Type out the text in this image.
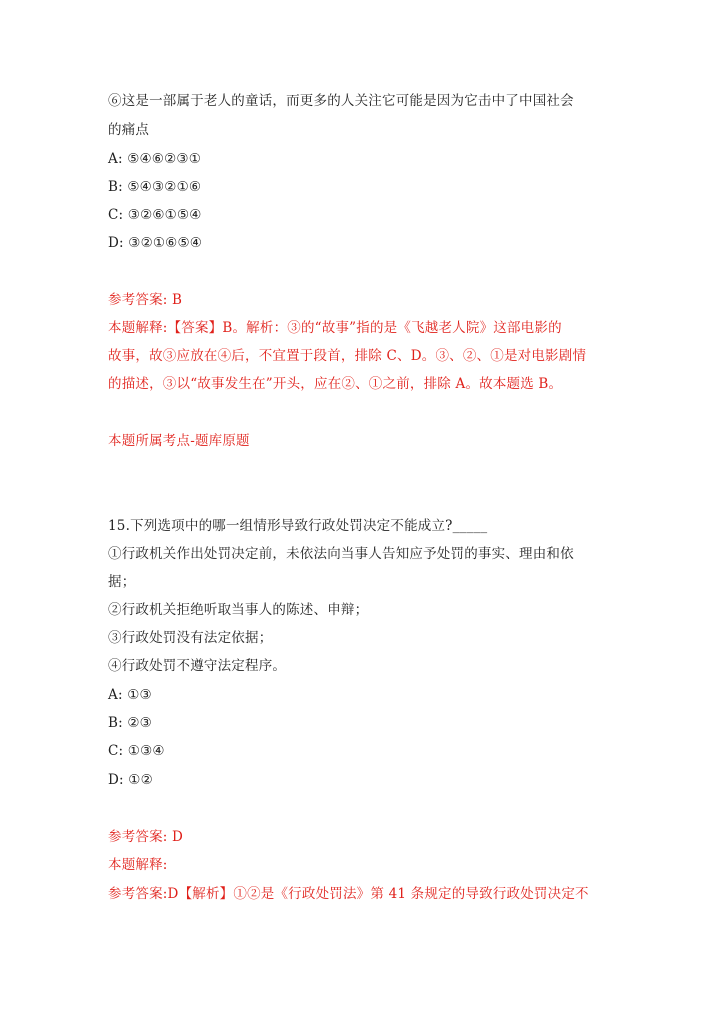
⑥这是一部属于老人的童话，而更多的人关注它可能是因为它击中了中国社会
的痛点
A: ⑤④⑥②③①
B: ⑤④③②①⑥
C: ③②⑥①⑤④
D: ③②①⑥⑤④
参考答案: B
本题解释:【答案】B。解析：③的“故事”指的是《飞越老人院》这部电影的
故事，故③应放在④后，不宜置于段首，排除 C、D。③、②、①是对电影剧情
的描述，③以“故事发生在”开头，应在②、①之前，排除 A。故本题选 B。
本题所属考点-题库原题
15.下列选项中的哪一组情形导致行政处罚决定不能成立?_____
①行政机关作出处罚决定前，未依法向当事人告知应予处罚的事实、理由和依
据；
②行政机关拒绝听取当事人的陈述、申辩；
③行政处罚没有法定依据；
④行政处罚不遵守法定程序。
A: ①③
B: ②③
C: ①③④
D: ①②
参考答案: D
本题解释:
参考答案:D【解析】①②是《行政处罚法》第 41 条规定的导致行政处罚决定不
